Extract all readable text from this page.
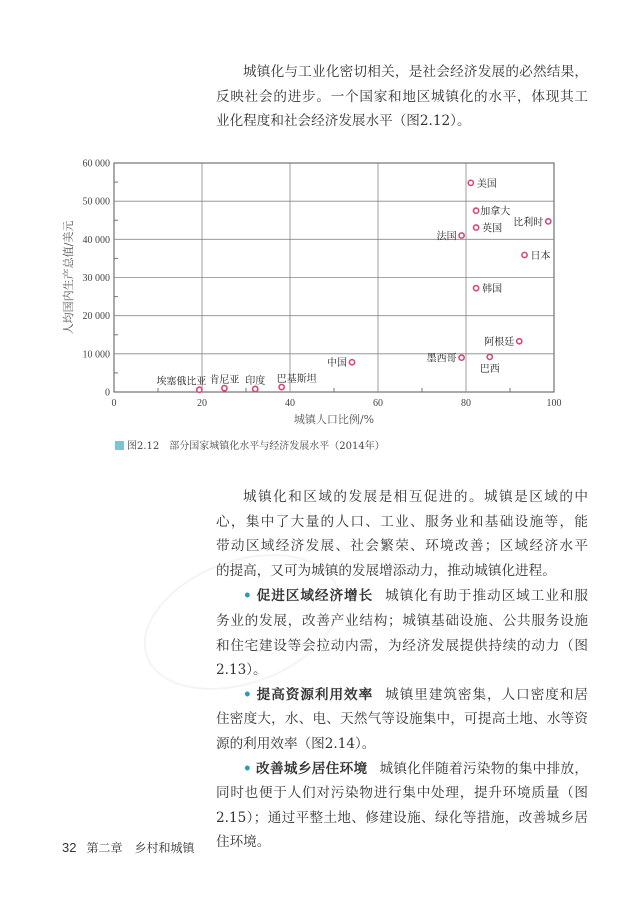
城镇化与工业化密切相关，是社会经济发展的必然结果，
反映社会的进步。一个国家和地区城镇化的水平，体现其工
业化程度和社会经济发展水平（图2.12）。
0	20	40	60	80	100
0
10 000
20 000
30 000
40 000
50 000
60 000
城镇人口比例/%
人均国内生产总值/美元
美国
加拿大
英国
比利时
法国
日本
韩国
阿根廷
墨西哥
巴西
中国
埃塞俄比亚 肯尼亚 印度 巴基斯坦
图2.12　部分国家城镇化水平与经济发展水平（2014年）
城镇化和区域的发展是相互促进的。城镇是区域的中
心，集中了大量的人口、工业、服务业和基础设施等，能
带动区域经济发展、社会繁荣、环境改善；区域经济水平
的提高，又可为城镇的发展增添动力，推动城镇化进程。
• 促进区域经济增长 城镇化有助于推动区域工业和服
务业的发展，改善产业结构；城镇基础设施、公共服务设施
和住宅建设等会拉动内需，为经济发展提供持续的动力（图
2.13）。
• 提高资源利用效率 城镇里建筑密集，人口密度和居
住密度大，水、电、天然气等设施集中，可提高土地、水等资
源的利用效率（图2.14）。
• 改善城乡居住环境 城镇化伴随着污染物的集中排放，
同时也便于人们对污染物进行集中处理，提升环境质量（图
2.15）；通过平整土地、修建设施、绿化等措施，改善城乡居
住环境。
32 第二章 乡村和城镇
